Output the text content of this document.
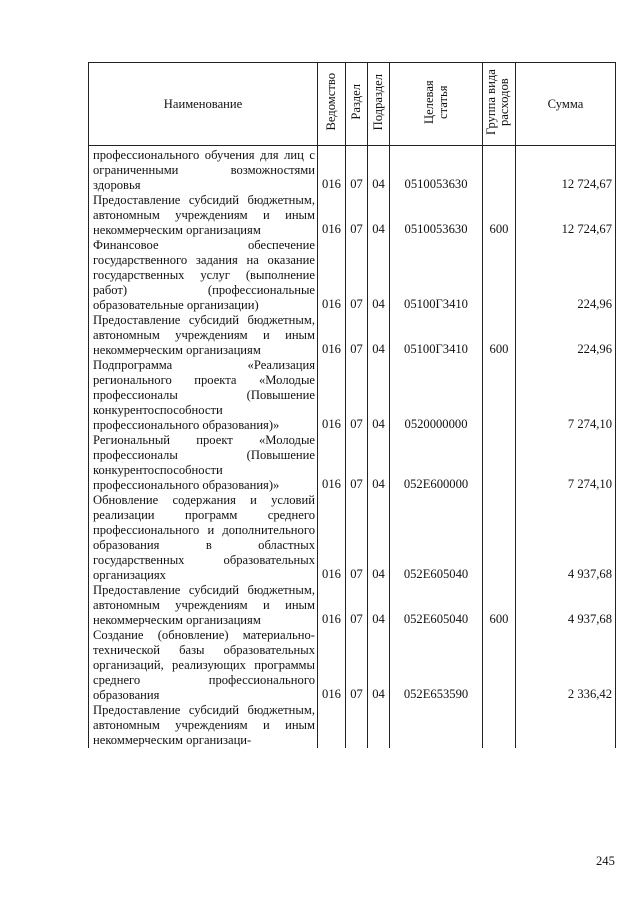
Наименование	Ведомство	Раздел	Подраздел	Целевая статья	Группа вида расходов	Сумма
профессионального обучения для лиц с ограниченными возможностями здоровья	016	07	04	0510053630		12 724,67
Предоставление субсидий бюджетным, автономным учреждениям и иным некоммерческим организациям	016	07	04	0510053630	600	12 724,67
Финансовое обеспечение государственного задания на оказание государственных услуг (выполнение работ) (профессиональные образовательные организации)	016	07	04	05100Г3410		224,96
Предоставление субсидий бюджетным, автономным учреждениям и иным некоммерческим организациям	016	07	04	05100Г3410	600	224,96
Подпрограмма «Реализация регионального проекта «Молодые профессионалы (Повышение конкурентоспособности профессионального образования)»	016	07	04	0520000000		7 274,10
Региональный проект «Молодые профессионалы (Повышение конкурентоспособности профессионального образования)»	016	07	04	052E600000		7 274,10
Обновление содержания и условий реализации программ среднего профессионального и дополнительного образования в областных государственных образовательных организациях	016	07	04	052E605040		4 937,68
Предоставление субсидий бюджетным, автономным учреждениям и иным некоммерческим организациям	016	07	04	052E605040	600	4 937,68
Создание (обновление) материально-технической базы образовательных организаций, реализующих программы среднего профессионального образования	016	07	04	052E653590		2 336,42
Предоставление субсидий бюджетным, автономным учреждениям и иным некоммерческим организаци-						
245
